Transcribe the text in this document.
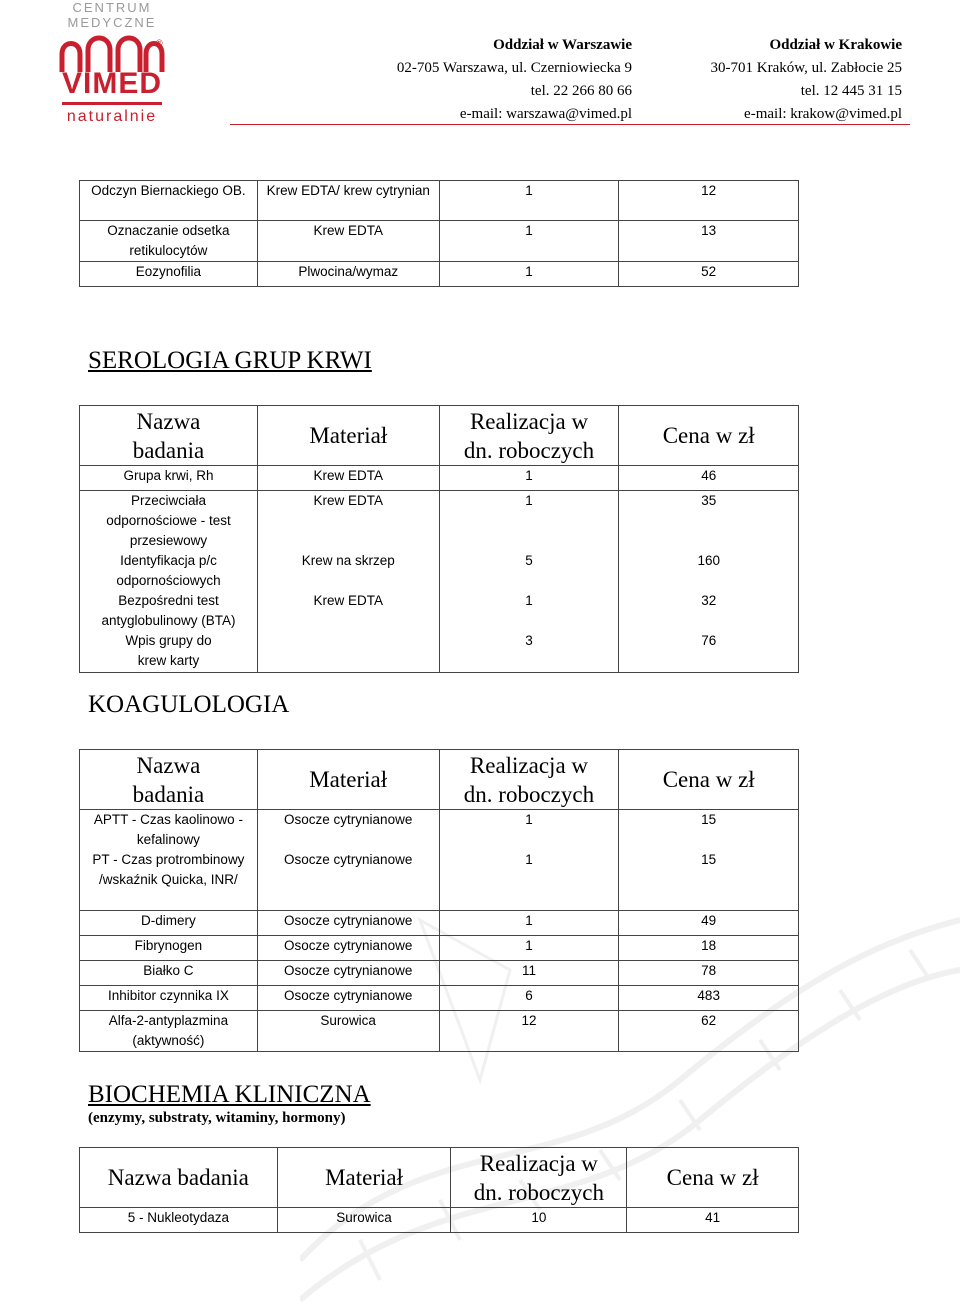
CENTRUM MEDYCZNE
®
VIMED
naturalnie
Oddział w Warszawie
02-705 Warszawa, ul. Czerniowiecka 9
tel. 22 266 80 66
e-mail: warszawa@vimed.pl
Oddział w Krakowie
30-701 Kraków, ul. Zabłocie 25
tel. 12 445 31 15
e-mail: krakow@vimed.pl
Odczyn Biernackiego OB.	Krew EDTA/ krew cytrynian	1	12
Oznaczanie odsetka retikulocytów	Krew EDTA	1	13
Eozynofilia	Plwocina/wymaz	1	52
SEROLOGIA GRUP KRWI
Nazwa badania	Materiał	Realizacja w dn. roboczych	Cena w zł
Grupa krwi, Rh	Krew EDTA	1	46
Przeciwciała odpornościowe - test przesiewowy	Krew EDTA	1	35
Identyfikacja p/c odpornościowych	Krew na skrzep	5	160
Bezpośredni test antyglobulinowy (BTA)	Krew EDTA	1	32
Wpis grupy do krew karty		3	76
KOAGULOLOGIA
Nazwa badania	Materiał	Realizacja w dn. roboczych	Cena w zł
APTT - Czas kaolinowo - kefalinowy	Osocze cytrynianowe	1	15
PT - Czas protrombinowy /wskaźnik Quicka, INR/	Osocze cytrynianowe	1	15
D-dimery	Osocze cytrynianowe	1	49
Fibrynogen	Osocze cytrynianowe	1	18
Białko C	Osocze cytrynianowe	11	78
Inhibitor czynnika IX	Osocze cytrynianowe	6	483
Alfa-2-antyplazmina (aktywność)	Surowica	12	62
BIOCHEMIA KLINICZNA
(enzymy, substraty, witaminy, hormony)
Nazwa badania	Materiał	Realizacja w dn. roboczych	Cena w zł
5 - Nukleotydaza	Surowica	10	41
